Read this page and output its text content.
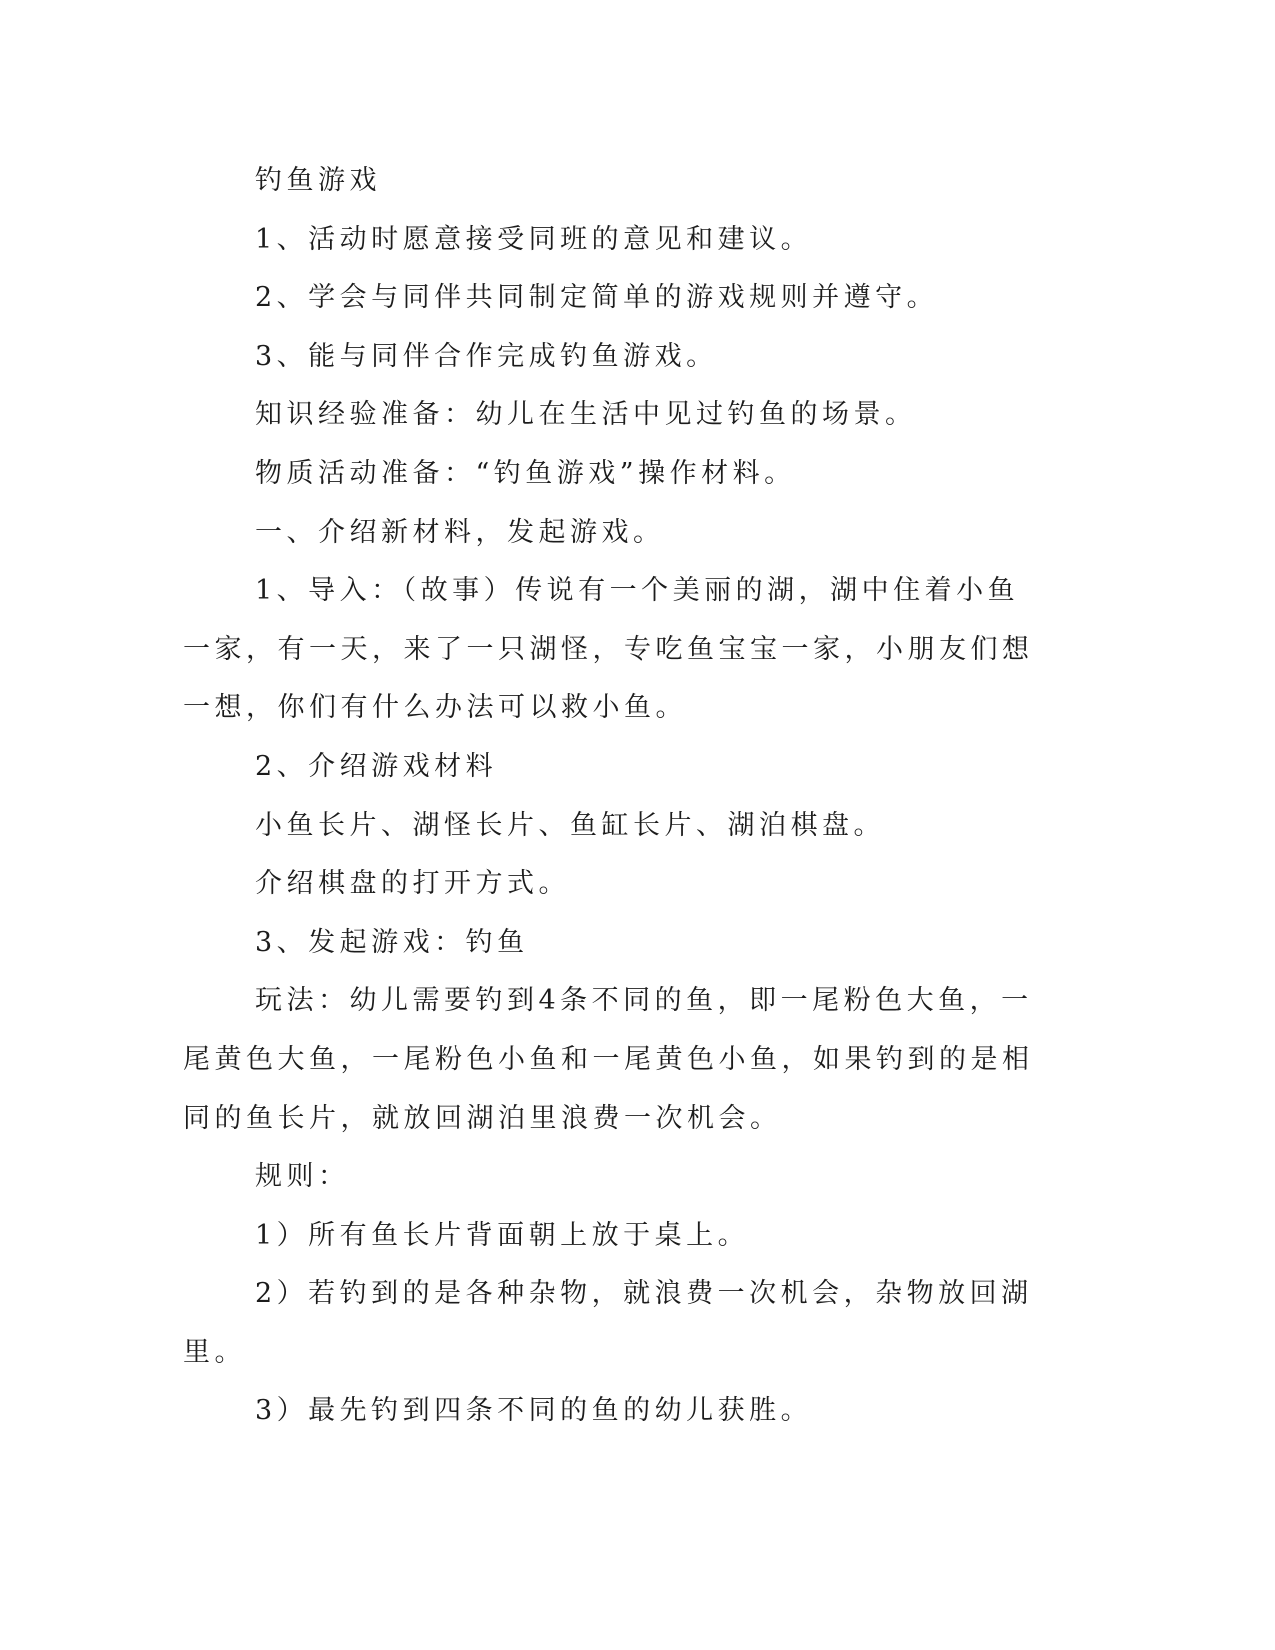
钓鱼游戏

1、活动时愿意接受同班的意见和建议。

2、学会与同伴共同制定简单的游戏规则并遵守。

3、能与同伴合作完成钓鱼游戏。

知识经验准备：幼儿在生活中见过钓鱼的场景。

物质活动准备：“钓鱼游戏”操作材料。

一、介绍新材料，发起游戏。

1、导入：（故事）传说有一个美丽的湖，湖中住着小鱼一家，有一天，来了一只湖怪，专吃鱼宝宝一家，小朋友们想一想，你们有什么办法可以救小鱼。

2、介绍游戏材料

小鱼长片、湖怪长片、鱼缸长片、湖泊棋盘。

介绍棋盘的打开方式。

3、发起游戏：钓鱼

玩法：幼儿需要钓到4条不同的鱼，即一尾粉色大鱼，一尾黄色大鱼，一尾粉色小鱼和一尾黄色小鱼，如果钓到的是相同的鱼长片，就放回湖泊里浪费一次机会。

规则：

1）所有鱼长片背面朝上放于桌上。

2）若钓到的是各种杂物，就浪费一次机会，杂物放回湖里。

3）最先钓到四条不同的鱼的幼儿获胜。
